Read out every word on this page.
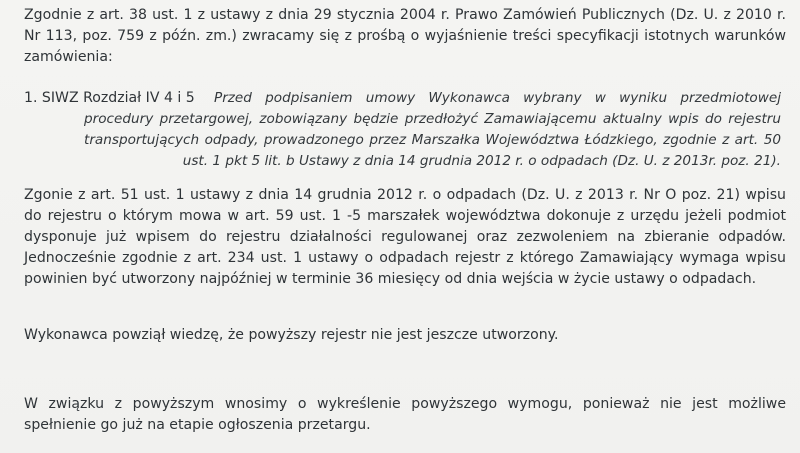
Zgodnie z art. 38 ust. 1 z ustawy z dnia 29 stycznia 2004 r. Prawo Zamówień Publicznych (Dz. U. z 2010 r. Nr 113, poz. 759 z późn. zm.) zwracamy się z prośbą o wyjaśnienie treści specyfikacji istotnych warunków zamówienia:

1. SIWZ Rozdział IV 4 i 5	Przed podpisaniem umowy Wykonawca wybrany w wyniku przedmiotowej procedury przetargowej, zobowiązany będzie przedłożyć Zamawiającemu aktualny wpis do rejestru transportujących odpady, prowadzonego przez Marszałka Województwa Łódzkiego, zgodnie z art. 50 ust. 1 pkt 5 lit. b Ustawy z dnia 14 grudnia 2012 r. o odpadach (Dz. U. z 2013r. poz. 21).

Zgonie z art. 51 ust. 1 ustawy z dnia 14 grudnia 2012 r. o odpadach (Dz. U. z 2013 r. Nr O poz. 21) wpisu do rejestru o którym mowa w art. 59 ust. 1 -5 marszałek województwa dokonuje z urzędu jeżeli podmiot dysponuje już wpisem do rejestru działalności regulowanej oraz zezwoleniem na zbieranie odpadów. Jednocześnie zgodnie z art. 234 ust. 1 ustawy o odpadach rejestr z którego Zamawiający wymaga wpisu powinien być utworzony najpóźniej w terminie 36 miesięcy od dnia wejścia w życie ustawy o odpadach.

Wykonawca powziął wiedzę, że powyższy rejestr nie jest jeszcze utworzony.

W związku z powyższym wnosimy o wykreślenie powyższego wymogu, ponieważ nie jest możliwe spełnienie go już na etapie ogłoszenia przetargu.
